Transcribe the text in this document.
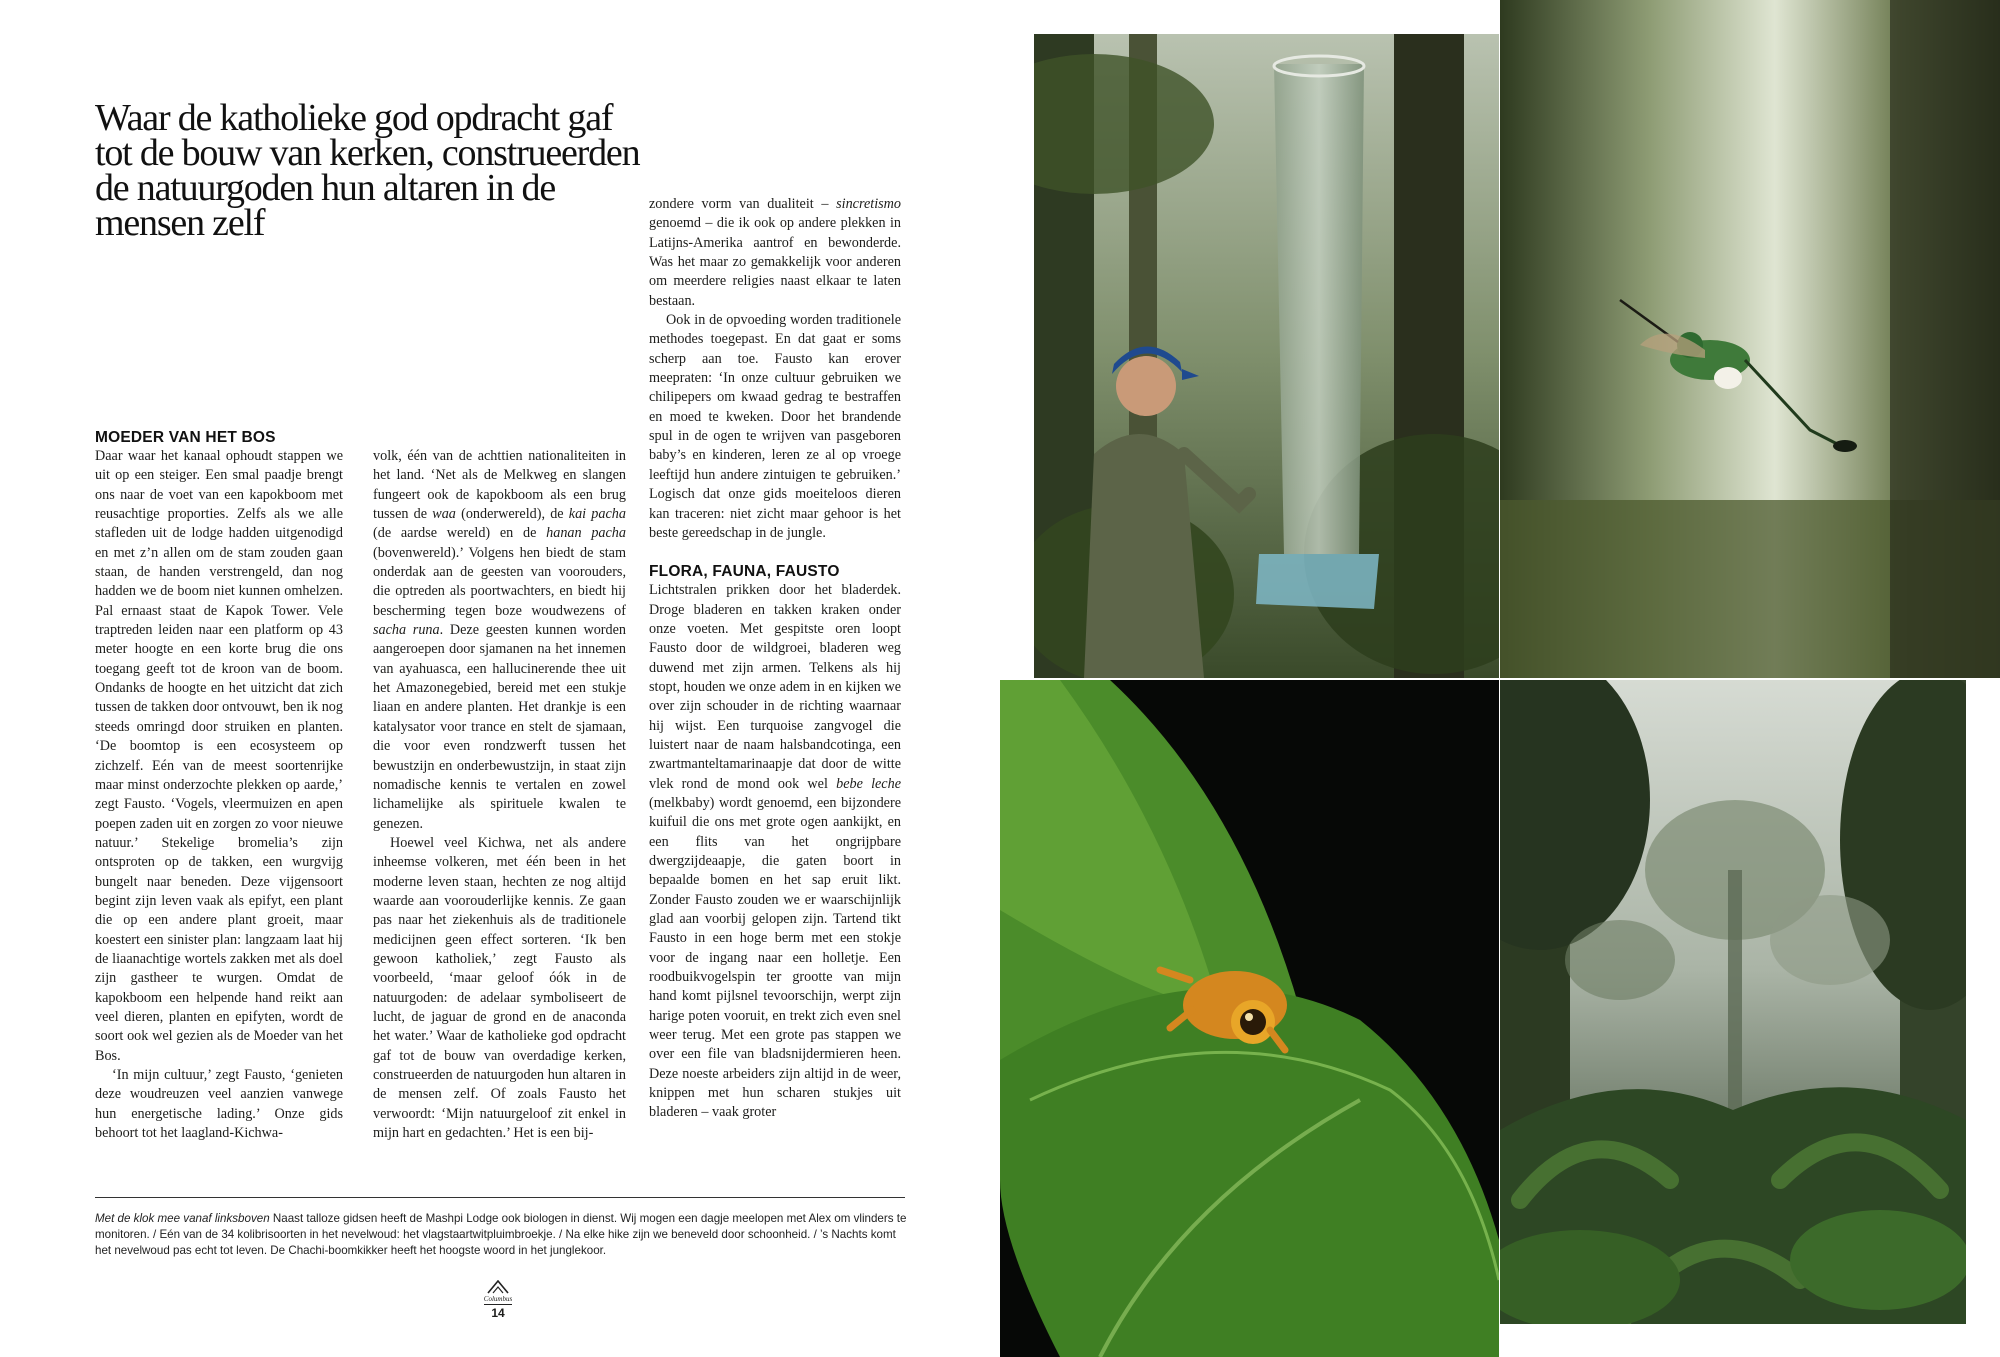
Waar de katholieke god opdracht gaf tot de bouw van kerken, construeerden de natuurgoden hun altaren in de mensen zelf
MOEDER VAN HET BOS

Daar waar het kanaal ophoudt stappen we uit op een steiger. Een smal paadje brengt ons naar de voet van een kapokboom met reusachtige proporties. Zelfs als we alle stafleden uit de lodge hadden uitgenodigd en met z’n allen om de stam zouden gaan staan, de handen verstrengeld, dan nog hadden we de boom niet kunnen omhelzen. Pal ernaast staat de Kapok Tower. Vele traptreden leiden naar een platform op 43 meter hoogte en een korte brug die ons toegang geeft tot de kroon van de boom. Ondanks de hoogte en het uitzicht dat zich tussen de takken door ontvouwt, ben ik nog steeds omringd door struiken en planten. ‘De boomtop is een ecosysteem op zichzelf. Eén van de meest soortenrijke maar minst onderzochte plekken op aarde,’ zegt Fausto. ‘Vogels, vleermuizen en apen poepen zaden uit en zorgen zo voor nieuwe natuur.’ Stekelige bromelia’s zijn ontsproten op de takken, een wurgvijg bungelt naar beneden. Deze vijgensoort begint zijn leven vaak als epifyt, een plant die op een andere plant groeit, maar koestert een sinister plan: langzaam laat hij de liaanachtige wortels zakken met als doel zijn gastheer te wurgen. Omdat de kapokboom een helpende hand reikt aan veel dieren, planten en epifyten, wordt de soort ook wel gezien als de Moeder van het Bos.

‘In mijn cultuur,’ zegt Fausto, ‘genieten deze woudreuzen veel aanzien vanwege hun energetische lading.’ Onze gids behoort tot het laagland-Kichwa-

volk, één van de achttien nationaliteiten in het land. ‘Net als de Melkweg en slangen fungeert ook de kapokboom als een brug tussen de waa (onderwereld), de kai pacha (de aardse wereld) en de hanan pacha (bovenwereld).’ Volgens hen biedt de stam onderdak aan de geesten van voorouders, die optreden als poortwachters, en biedt hij bescherming tegen boze woudwezens of sacha runa. Deze geesten kunnen worden aangeroepen door sjamanen na het innemen van ayahuasca, een hallucinerende thee uit het Amazonegebied, bereid met een stukje liaan en andere planten. Het drankje is een katalysator voor trance en stelt de sjamaan, die voor even rondzwerft tussen het bewustzijn en onderbewustzijn, in staat zijn nomadische kennis te vertalen en zowel lichamelijke als spirituele kwalen te genezen.

Hoewel veel Kichwa, net als andere inheemse volkeren, met één been in het moderne leven staan, hechten ze nog altijd waarde aan voorouderlijke kennis. Ze gaan pas naar het ziekenhuis als de traditionele medicijnen geen effect sorteren. ‘Ik ben gewoon katholiek,’ zegt Fausto als voorbeeld, ‘maar geloof óók in de natuurgoden: de adelaar symboliseert de lucht, de jaguar de grond en de anaconda het water.’ Waar de katholieke god opdracht gaf tot de bouw van overdadige kerken, construeerden de natuurgoden hun altaren in de mensen zelf. Of zoals Fausto het verwoordt: ‘Mijn natuurgeloof zit enkel in mijn hart en gedachten.’ Het is een bij-

zondere vorm van dualiteit – sincretismo genoemd – die ik ook op andere plekken in Latijns-Amerika aantrof en bewonderde. Was het maar zo gemakkelijk voor anderen om meerdere religies naast elkaar te laten bestaan.

Ook in de opvoeding worden traditionele methodes toegepast. En dat gaat er soms scherp aan toe. Fausto kan erover meepraten: ‘In onze cultuur gebruiken we chilipepers om kwaad gedrag te bestraffen en moed te kweken. Door het brandende spul in de ogen te wrijven van pasgeboren baby’s en kinderen, leren ze al op vroege leeftijd hun andere zintuigen te gebruiken.’ Logisch dat onze gids moeiteloos dieren kan traceren: niet zicht maar gehoor is het beste gereedschap in de jungle.

FLORA, FAUNA, FAUSTO

Lichtstralen prikken door het bladerdek. Droge bladeren en takken kraken onder onze voeten. Met gespitste oren loopt Fausto door de wildgroei, bladeren weg duwend met zijn armen. Telkens als hij stopt, houden we onze adem in en kijken we over zijn schouder in de richting waarnaar hij wijst. Een turquoise zangvogel die luistert naar de naam halsbandcotinga, een zwartmanteltamarinaapje dat door de witte vlek rond de mond ook wel bebe leche (melkbaby) wordt genoemd, een bijzondere kuifuil die ons met grote ogen aankijkt, en een flits van het ongrijpbare dwergzijdeaapje, die gaten boort in bepaalde bomen en het sap eruit likt. Zonder Fausto zouden we er waarschijnlijk glad aan voorbij gelopen zijn. Tartend tikt Fausto in een hoge berm met een stokje voor de ingang naar een holletje. Een roodbuikvogelspin ter grootte van mijn hand komt pijlsnel tevoorschijn, werpt zijn harige poten vooruit, en trekt zich even snel weer terug. Met een grote pas stappen we over een file van bladsnijdermieren heen. Deze noeste arbeiders zijn altijd in de weer, knippen met hun scharen stukjes uit bladeren – vaak groter

Met de klok mee vanaf linksboven Naast talloze gidsen heeft de Mashpi Lodge ook biologen in dienst. Wij mogen een dagje meelopen met Alex om vlinders te monitoren. / Eén van de 34 kolibrisoorten in het nevelwoud: het vlagstaartwitpluimbroekje. / Na elke hike zijn we beneveld door schoonheid. / ’s Nachts komt het nevelwoud pas echt tot leven. De Chachi-boomkikker heeft het hoogste woord in het junglekoor.

Columbus
14
